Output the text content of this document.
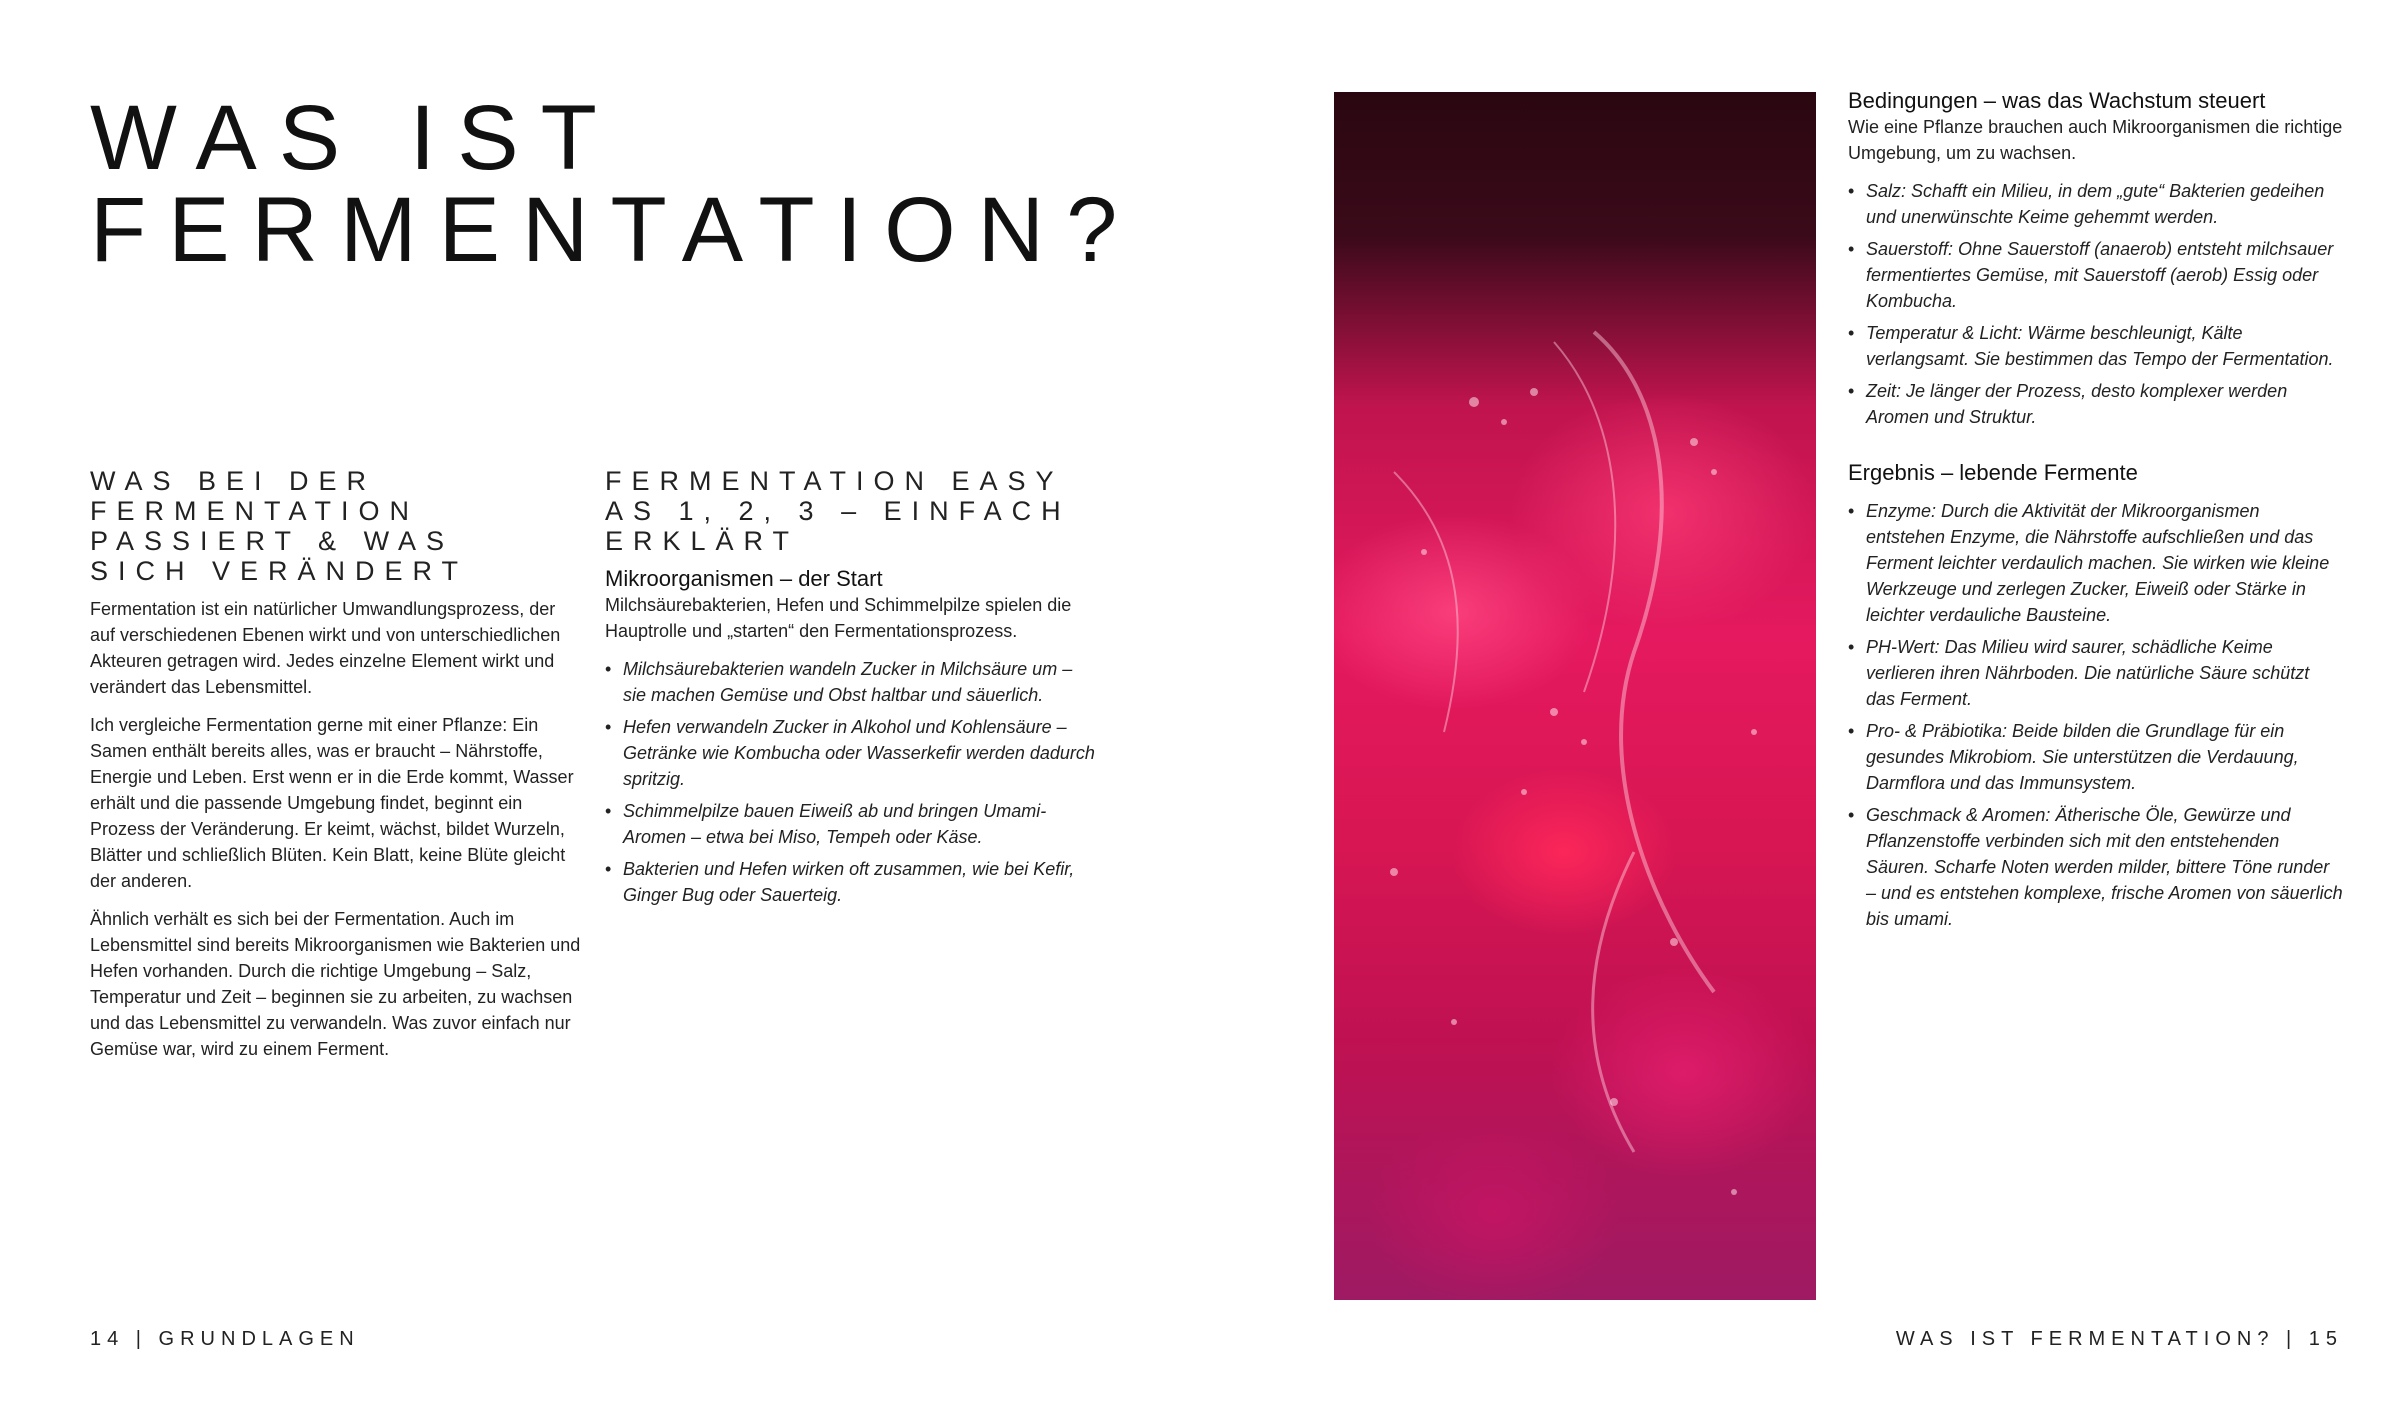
WAS IST
FERMENTATION?
WAS BEI DER
FERMENTATION
PASSIERT & WAS
SICH VERÄNDERT

Fermentation ist ein natürlicher Umwandlungsprozess, der auf verschiedenen Ebenen wirkt und von unterschiedlichen Akteuren getragen wird. Jedes einzelne Element wirkt und verändert das Lebensmittel.

Ich vergleiche Fermentation gerne mit einer Pflanze: Ein Samen enthält bereits alles, was er braucht – Nährstoffe, Energie und Leben. Erst wenn er in die Erde kommt, Wasser erhält und die passende Umgebung findet, beginnt ein Prozess der Veränderung. Er keimt, wächst, bildet Wurzeln, Blätter und schließlich Blüten. Kein Blatt, keine Blüte gleicht der anderen.

Ähnlich verhält es sich bei der Fermentation. Auch im Lebensmittel sind bereits Mikroorganismen wie Bakterien und Hefen vorhanden. Durch die richtige Umgebung – Salz, Temperatur und Zeit – beginnen sie zu arbeiten, zu wachsen und das Lebensmittel zu verwandeln. Was zuvor einfach nur Gemüse war, wird zu einem Ferment.

FERMENTATION EASY
AS 1, 2, 3 – EINFACH
ERKLÄRT
Mikroorganismen – der Start

Milchsäurebakterien, Hefen und Schimmelpilze spielen die Hauptrolle und „starten“ den Fermentationsprozess.

• Milchsäurebakterien wandeln Zucker in Milchsäure um – sie machen Gemüse und Obst haltbar und säuerlich.
• Hefen verwandeln Zucker in Alkohol und Kohlensäure – Getränke wie Kombucha oder Wasserkefir werden dadurch spritzig.
• Schimmelpilze bauen Eiweiß ab und bringen Umami-Aromen – etwa bei Miso, Tempeh oder Käse.
• Bakterien und Hefen wirken oft zusammen, wie bei Kefir, Ginger Bug oder Sauerteig.
Bedingungen – was das Wachstum steuert

Wie eine Pflanze brauchen auch Mikroorganismen die richtige Umgebung, um zu wachsen.

• Salz: Schafft ein Milieu, in dem „gute“ Bakterien gedeihen und unerwünschte Keime gehemmt werden.
• Sauerstoff: Ohne Sauerstoff (anaerob) entsteht milchsauer fermentiertes Gemüse, mit Sauerstoff (aerob) Essig oder Kombucha.
• Temperatur & Licht: Wärme beschleunigt, Kälte verlangsamt. Sie bestimmen das Tempo der Fermentation.
• Zeit: Je länger der Prozess, desto komplexer werden Aromen und Struktur.
Ergebnis – lebende Fermente
• Enzyme: Durch die Aktivität der Mikroorganismen entstehen Enzyme, die Nährstoffe aufschließen und das Ferment leichter verdaulich machen. Sie wirken wie kleine Werkzeuge und zerlegen Zucker, Eiweiß oder Stärke in leichter verdauliche Bausteine.
• PH-Wert: Das Milieu wird saurer, schädliche Keime verlieren ihren Nährboden. Die natürliche Säure schützt das Ferment.
• Pro- & Präbiotika: Beide bilden die Grundlage für ein gesundes Mikrobiom. Sie unterstützen die Verdauung, Darmflora und das Immunsystem.
• Geschmack & Aromen: Ätherische Öle, Gewürze und Pflanzenstoffe verbinden sich mit den entstehenden Säuren. Scharfe Noten werden milder, bittere Töne runder – und es entstehen komplexe, frische Aromen von säuerlich bis umami.
14 | GRUNDLAGEN	WAS IST FERMENTATION? | 15
